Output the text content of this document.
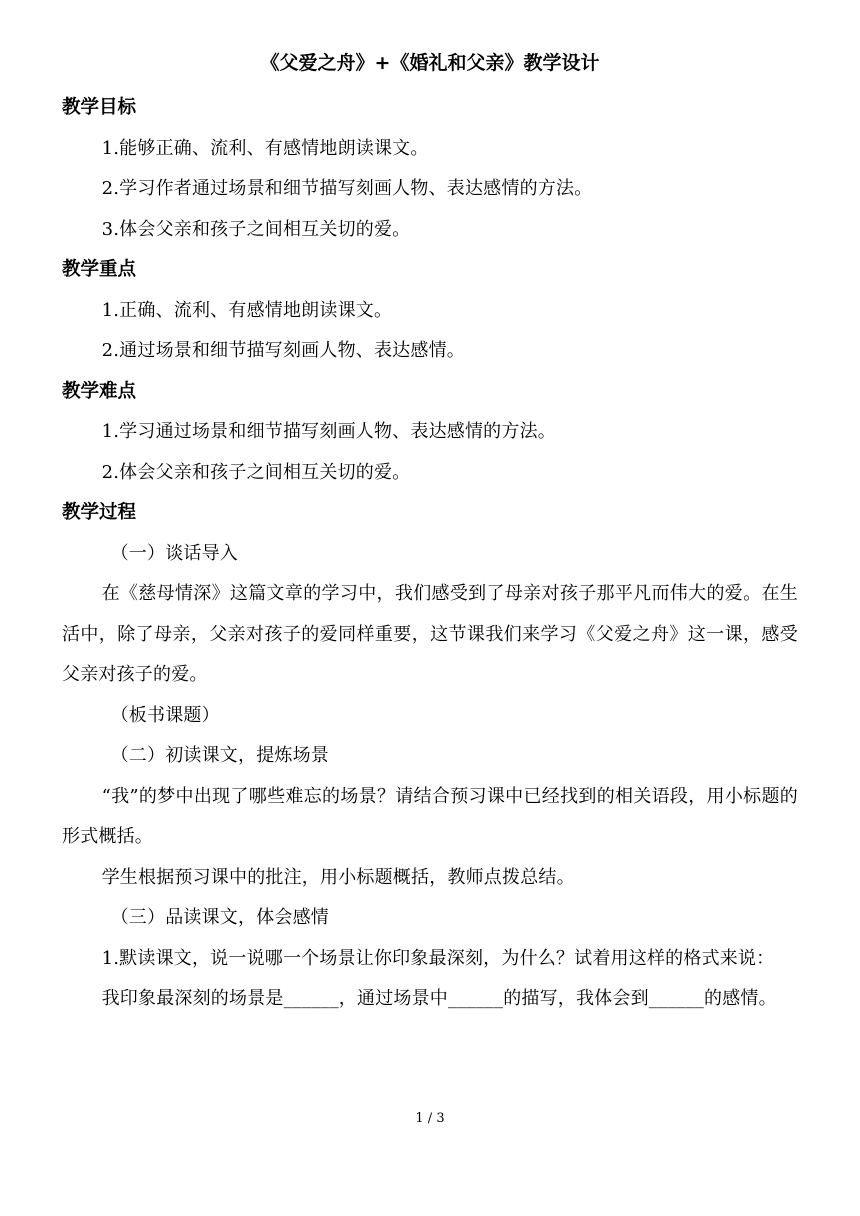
《父爱之舟》+《婚礼和父亲》教学设计

教学目标

1.能够正确、流利、有感情地朗读课文。

2.学习作者通过场景和细节描写刻画人物、表达感情的方法。

3.体会父亲和孩子之间相互关切的爱。

教学重点

1.正确、流利、有感情地朗读课文。

2.通过场景和细节描写刻画人物、表达感情。

教学难点

1.学习通过场景和细节描写刻画人物、表达感情的方法。

2.体会父亲和孩子之间相互关切的爱。

教学过程

（一）谈话导入

在《慈母情深》这篇文章的学习中，我们感受到了母亲对孩子那平凡而伟大的爱。在生活中，除了母亲，父亲对孩子的爱同样重要，这节课我们来学习《父爱之舟》这一课，感受父亲对孩子的爱。

（板书课题）

（二）初读课文，提炼场景

“我”的梦中出现了哪些难忘的场景？请结合预习课中已经找到的相关语段，用小标题的形式概括。

学生根据预习课中的批注，用小标题概括，教师点拨总结。

（三）品读课文，体会感情

1.默读课文，说一说哪一个场景让你印象最深刻，为什么？试着用这样的格式来说：

我印象最深刻的场景是______，通过场景中______的描写，我体会到______的感情。

1 / 3
